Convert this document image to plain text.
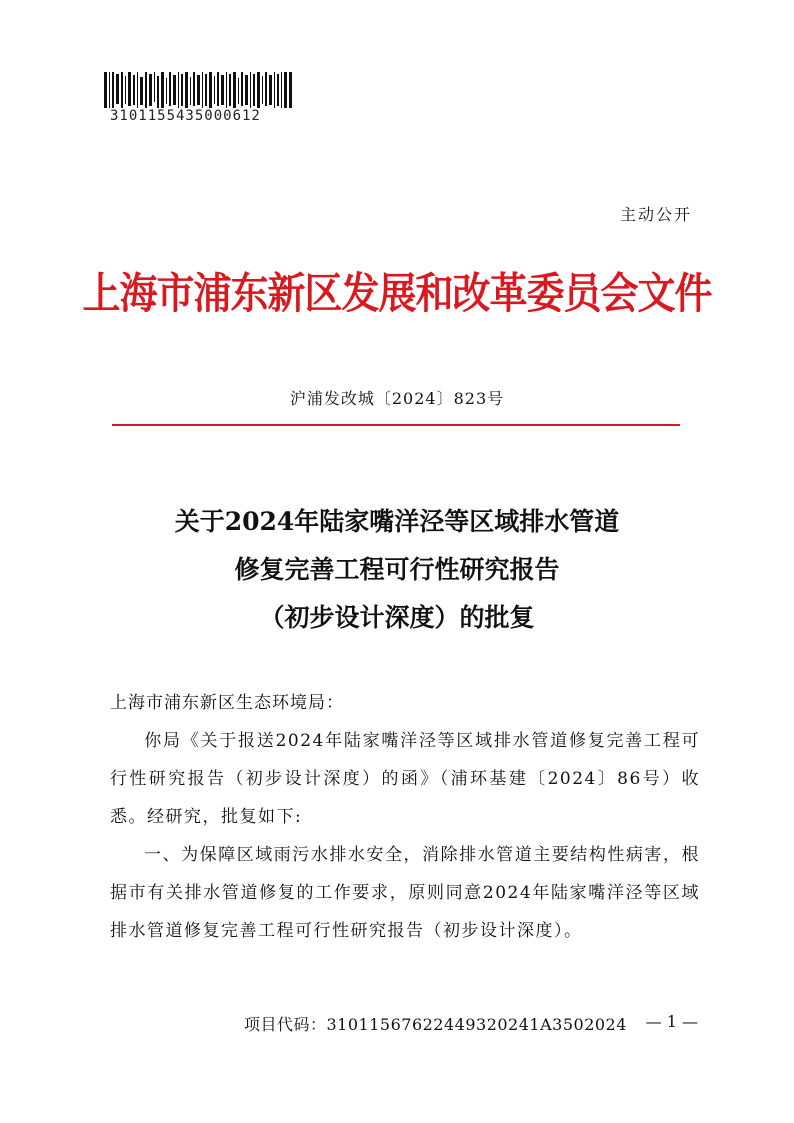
3101155435000612
主动公开
上海市浦东新区发展和改革委员会文件
沪浦发改城〔2024〕823号
关于2024年陆家嘴洋泾等区域排水管道
修复完善工程可行性研究报告
（初步设计深度）的批复
上海市浦东新区生态环境局：
你局《关于报送2024年陆家嘴洋泾等区域排水管道修复完善工程可行性研究报告（初步设计深度）的函》（浦环基建〔2024〕86号）收悉。经研究，批复如下:
一、为保障区域雨污水排水安全，消除排水管道主要结构性病害，根据市有关排水管道修复的工作要求，原则同意2024年陆家嘴洋泾等区域排水管道修复完善工程可行性研究报告（初步设计深度）。
项目代码：31011567622449320241A3502024 — 1 —
